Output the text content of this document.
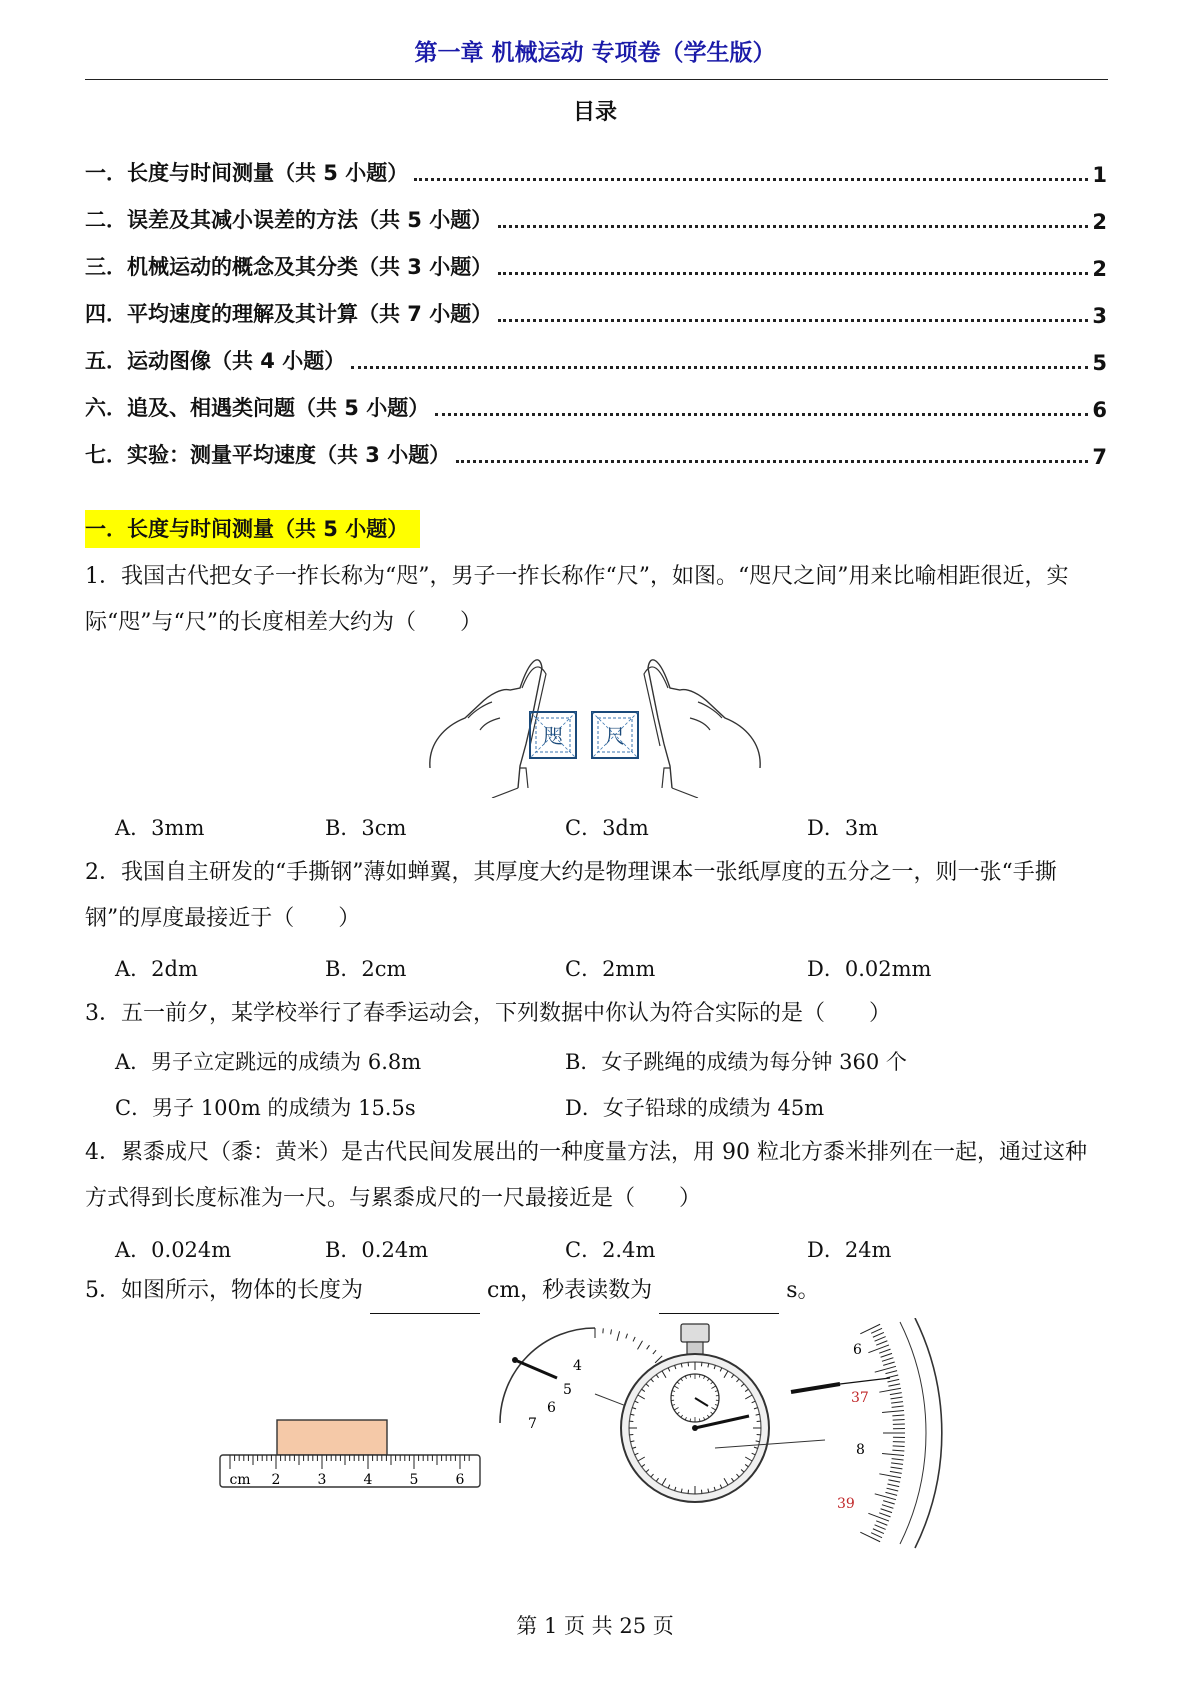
第一章 机械运动 专项卷（学生版）
目录
一． 长度与时间测量（共 5 小题）	1
二． 误差及其减小误差的方法（共 5 小题）	2
三． 机械运动的概念及其分类（共 3 小题）	2
四． 平均速度的理解及其计算（共 7 小题）	3
五． 运动图像（共 4 小题）	5
六． 追及、相遇类问题（共 5 小题）	6
七． 实验：测量平均速度（共 3 小题）	7
一．长度与时间测量（共 5 小题）
1．我国古代把女子一拃长称为“咫”，男子一拃长称作“尺”，如图。“咫尺之间”用来比喻相距很近，实际“咫”与“尺”的长度相差大约为（　　）
咫 尺
A．3mm	B．3cm	C．3dm	D．3m
2．我国自主研发的“手撕钢”薄如蝉翼，其厚度大约是物理课本一张纸厚度的五分之一，则一张“手撕钢”的厚度最接近于（　　）
A．2dm	B．2cm	C．2mm	D．0.02mm
3．五一前夕，某学校举行了春季运动会，下列数据中你认为符合实际的是（　　）
A．男子立定跳远的成绩为 6.8m	B．女子跳绳的成绩为每分钟 360 个
C．男子 100m 的成绩为 15.5s	D．女子铅球的成绩为 45m
4．累黍成尺（黍：黄米）是古代民间发展出的一种度量方法，用 90 粒北方黍米排列在一起，通过这种方式得到长度标准为一尺。与累黍成尺的一尺最接近是（　　）
A．0.024m	B．0.24m	C．2.4m	D．24m
5．如图所示，物体的长度为	cm，秒表读数为	s。
cm 2	3	4	5	6
4
5
6
7
6
37
8
39
第 1 页 共 25 页
